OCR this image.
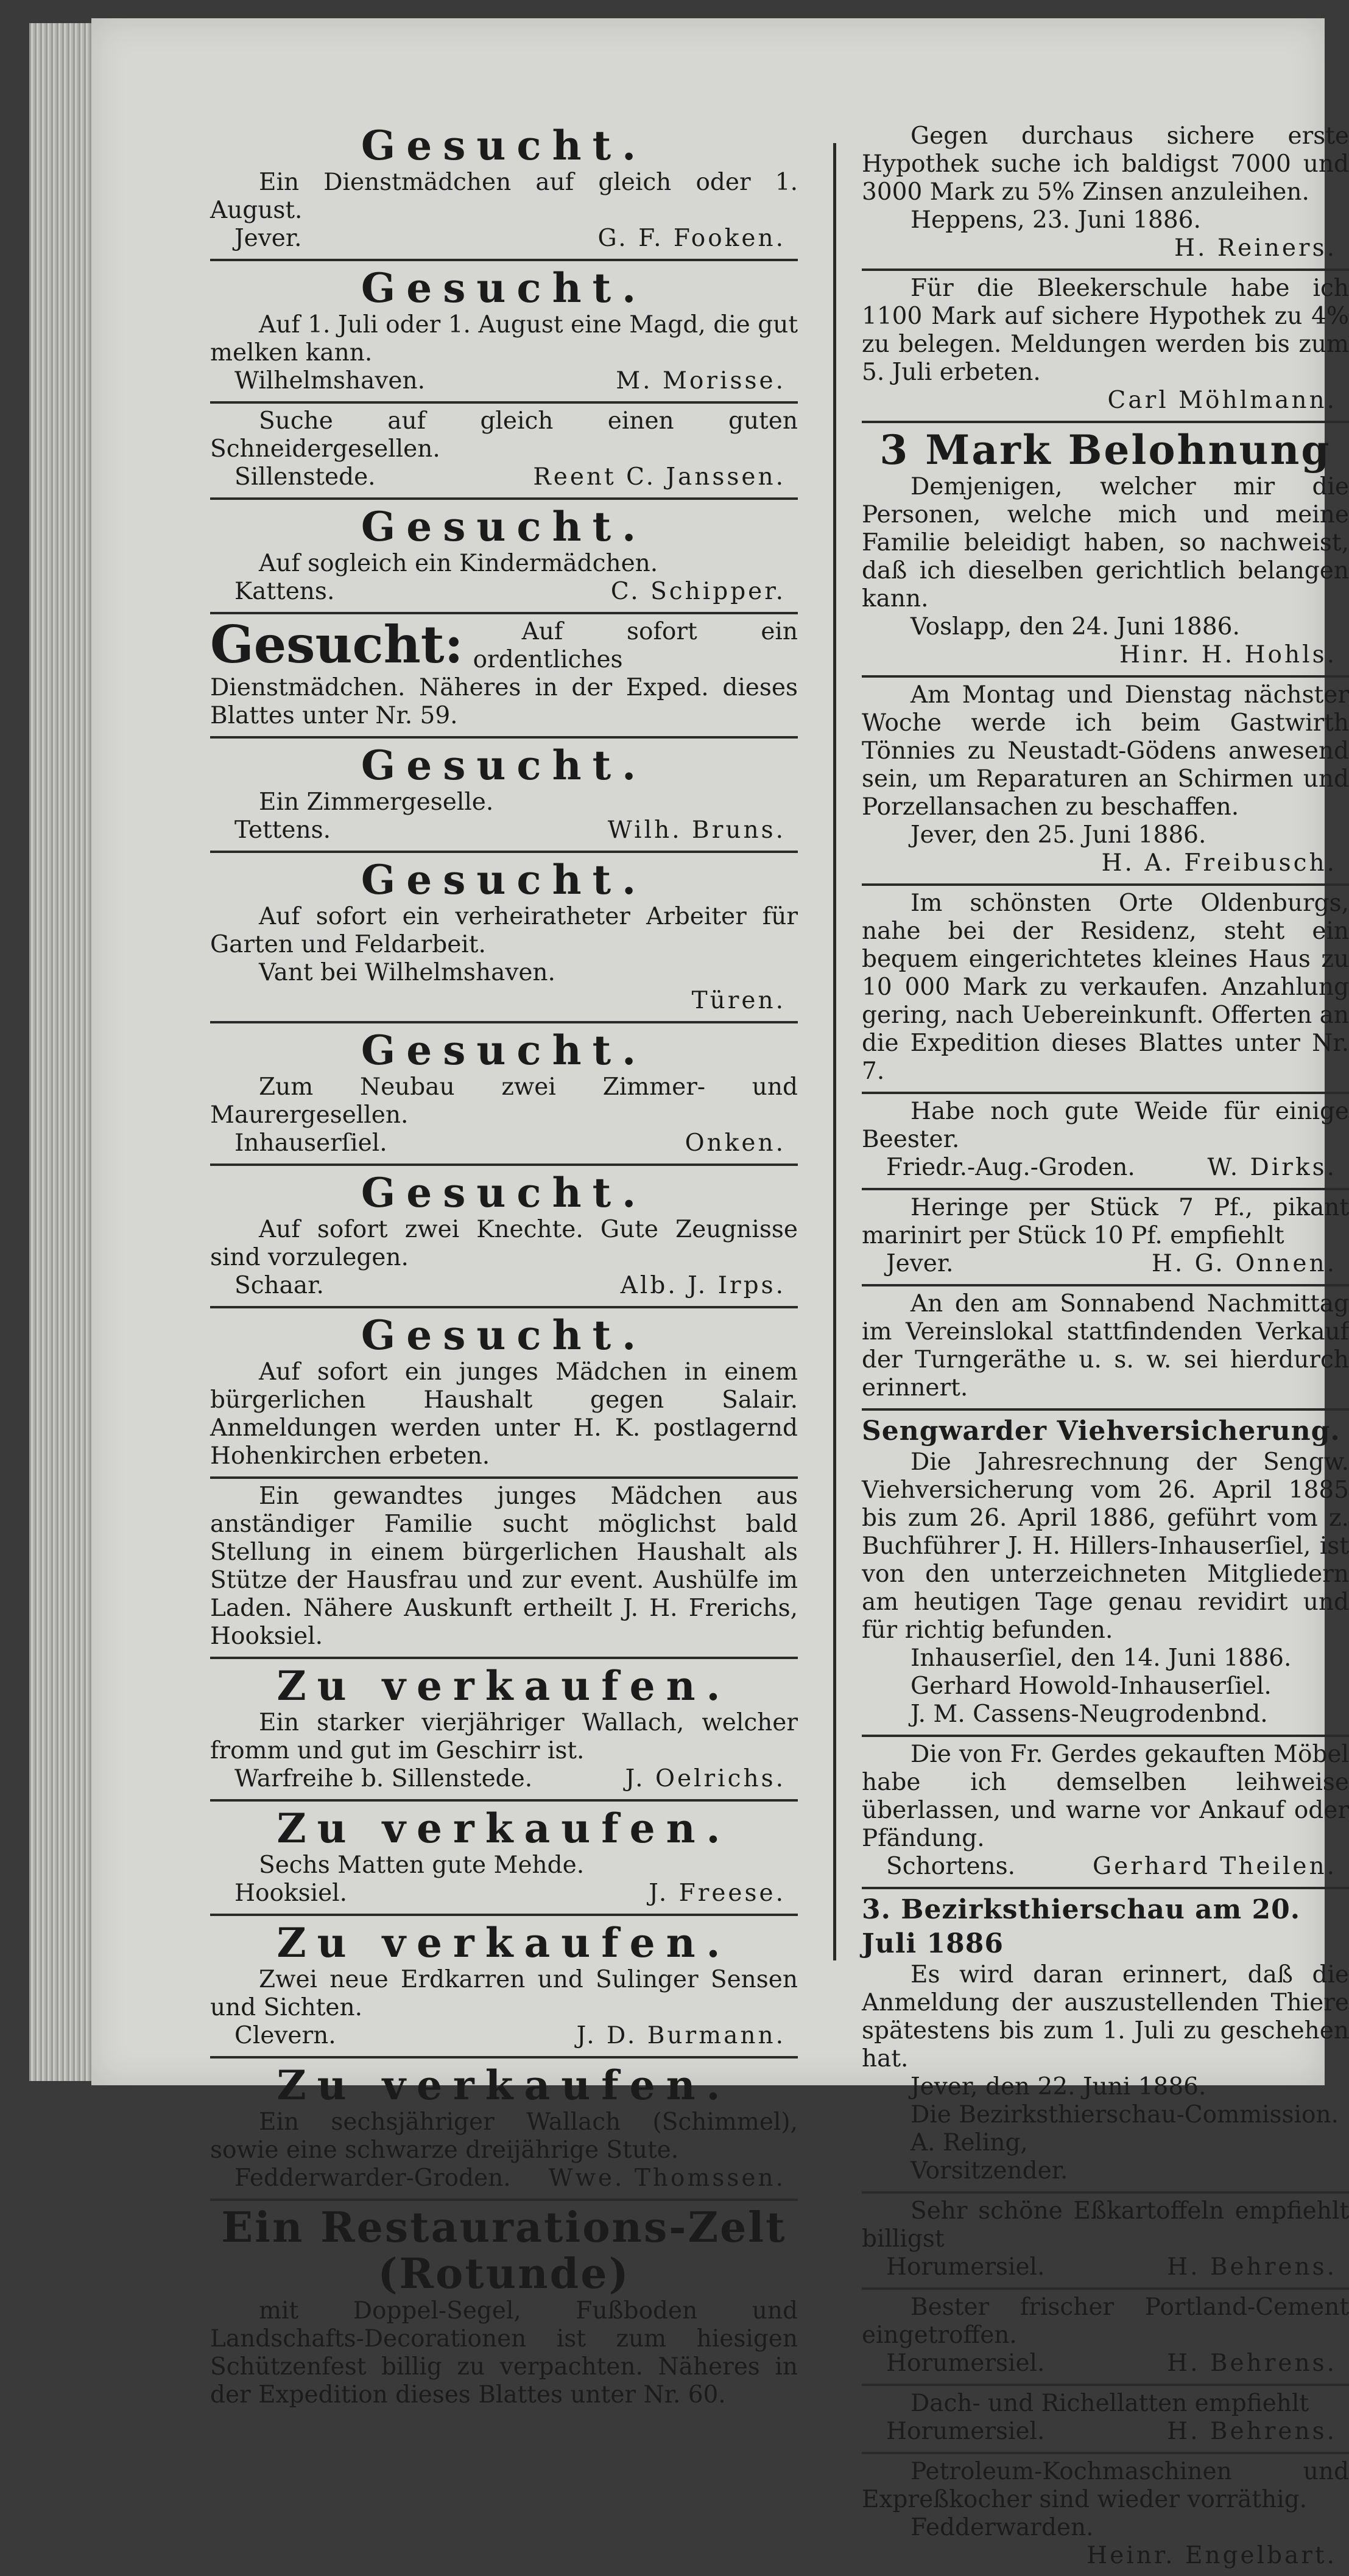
Gesucht.

Ein Dienstmädchen auf gleich oder 1. August.

Jever.	G. F. Fooken.
Gesucht.

Auf 1. Juli oder 1. August eine Magd, die gut melken kann.

Wilhelmshaven.	M. Morisse.

Suche auf gleich einen guten Schneidergesellen.

Sillenstede.	Reent C. Janssen.
Gesucht.

Auf sogleich ein Kindermädchen.

Kattens.	C. Schipper.
Gesucht:	Auf sofort ein ordentliches Dienstmädchen. Näheres in der Exped. dieses Blattes unter Nr. 59.

Gesucht.

Ein Zimmergeselle.

Tettens.	Wilh. Bruns.
Gesucht.

Auf sofort ein verheiratheter Arbeiter für Garten und Feldarbeit.

Vant bei Wilhelmshaven.

Türen.
Gesucht.

Zum Neubau zwei Zimmer- und Maurergesellen.

Inhauserſiel.	Onken.
Gesucht.

Auf sofort zwei Knechte. Gute Zeugnisse sind vorzulegen.

Schaar.	Alb. J. Irps.
Gesucht.

Auf sofort ein junges Mädchen in einem bürgerlichen Haushalt gegen Salair. Anmeldungen werden unter H. K. postlagernd Hohenkirchen erbeten.

Ein gewandtes junges Mädchen aus anständiger Familie sucht möglichst bald Stellung in einem bürgerlichen Haushalt als Stütze der Hausfrau und zur event. Aushülfe im Laden. Nähere Auskunft ertheilt J. H. Frerichs, Hooksiel.

Zu verkaufen.

Ein starker vierjähriger Wallach, welcher fromm und gut im Geschirr ist.

Warfreihe b. Sillenstede.	J. Oelrichs.
Zu verkaufen.

Sechs Matten gute Mehde.

Hooksiel.	J. Freese.
Zu verkaufen.

Zwei neue Erdkarren und Sulinger Sensen und Sichten.

Clevern.	J. D. Burmann.
Zu verkaufen.

Ein sechsjähriger Wallach (Schimmel), sowie eine schwarze dreijährige Stute.

Fedderwarder-Groden. Wwe. Thomssen.
Ein Restaurations-Zelt (Rotunde)

mit Doppel-Segel, Fußboden und Landschafts-Decorationen ist zum hiesigen Schützenfest billig zu verpachten. Näheres in der Expedition dieses Blattes unter Nr. 60.

Gegen durchaus sichere erste Hypothek suche ich baldigst 7000 und 3000 Mark zu 5% Zinsen anzuleihen.

Heppens, 23. Juni 1886.

H. Reiners.

Für die Bleekerschule habe ich 1100 Mark auf sichere Hypothek zu 4% zu belegen. Meldungen werden bis zum 5. Juli erbeten.

Carl Möhlmann.
3 Mark Belohnung

Demjenigen, welcher mir die Personen, welche mich und meine Familie beleidigt haben, so nachweist, daß ich dieselben gerichtlich belangen kann.

Voslapp, den 24. Juni 1886.

Hinr. H. Hohls.

Am Montag und Dienstag nächster Woche werde ich beim Gastwirth Tönnies zu Neustadt-Gödens anwesend sein, um Reparaturen an Schirmen und Porzellansachen zu beschaffen.

Jever, den 25. Juni 1886.

H. A. Freibusch.

Im schönsten Orte Oldenburgs, nahe bei der Residenz, steht ein bequem eingerichtetes kleines Haus zu 10 000 Mark zu verkaufen. Anzahlung gering, nach Uebereinkunft. Offerten an die Expedition dieses Blattes unter Nr. 7.

Habe noch gute Weide für einige Beester.

Friedr.-Aug.-Groden.	W. Dirks.

Heringe per Stück 7 Pf., pikant marinirt per Stück 10 Pf. empfiehlt

Jever.	H. G. Onnen.

An den am Sonnabend Nachmittag im Vereinslokal stattfindenden Verkauf der Turngeräthe u. s. w. sei hierdurch erinnert.

Sengwarder Viehversicherung.

Die Jahresrechnung der Sengw. Viehversicherung vom 26. April 1885 bis zum 26. April 1886, geführt vom z. Buchführer J. H. Hillers-Inhauserſiel, ist von den unterzeichneten Mitgliedern am heutigen Tage genau revidirt und für richtig befunden.

Inhauserſiel, den 14. Juni 1886.

Gerhard Howold-Inhauserſiel.

J. M. Cassens-Neugrodenbnd.

Die von Fr. Gerdes gekauften Möbel habe ich demselben leihweise überlassen, und warne vor Ankauf oder Pfändung.

Schortens.	Gerhard Theilen.
3. Bezirksthierschau am 20. Juli 1886

Es wird daran erinnert, daß die Anmeldung der auszustellenden Thiere spätestens bis zum 1. Juli zu geschehen hat.

Jever, den 22. Juni 1886.

Die Bezirksthierschau-Commission.

A. Reling,

Vorsitzender.

Sehr schöne Eßkartoffeln empfiehlt billigst

Horumersiel.	H. Behrens.

Bester frischer Portland-Cement eingetroffen.

Horumersiel.	H. Behrens.

Dach- und Richellatten empfiehlt

Horumersiel.	H. Behrens.

Petroleum-Kochmaschinen und Expreßkocher sind wieder vorräthig.

Fedderwarden.

Heinr. Engelbart.
